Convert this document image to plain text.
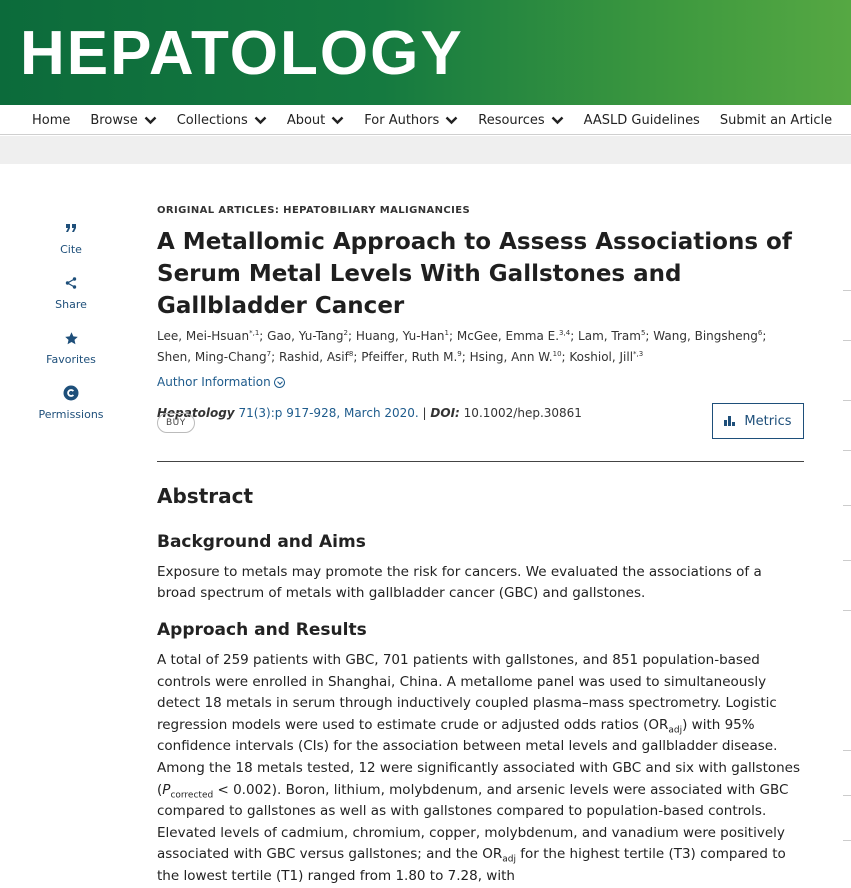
HEPATOLOGY
Home Browse	Collections	About	For Authors	Resources	AASLD Guidelines Submit an Article
Cite
Share
Favorites
Permissions
ORIGINAL ARTICLES: HEPATOBILIARY MALIGNANCIES
A Metallomic Approach to Assess Associations of Serum Metal Levels With Gallstones and Gallbladder Cancer
Lee, Mei-Hsuan$^{*,1}$; Gao, Yu-Tang$^2$; Huang, Yu-Han$^1$; McGee, Emma E.$^{3,4}$; Lam, Tram$^5$; Wang, Bingsheng$^6$; Shen, Ming-Chang$^7$; Rashid, Asif$^8$; Pfeiffer, Ruth M.$^9$; Hsing, Ann W.$^{10}$; Koshiol, Jill$^{*,3}$
Author Information
Hepatology 71(3):p 917-928, March 2020. | DOI: 10.1002/hep.30861
BUY	Metrics
Abstract
Background and Aims

Exposure to metals may promote the risk for cancers. We evaluated the associations of a broad spectrum of metals with gallbladder cancer (GBC) and gallstones.

Approach and Results

A total of 259 patients with GBC, 701 patients with gallstones, and 851 population-based controls were enrolled in Shanghai, China. A metallome panel was used to simultaneously detect 18 metals in serum through inductively coupled plasma–mass spectrometry. Logistic regression models were used to estimate crude or adjusted odds ratios $(OR_{adj})$ with 95% confidence intervals (CIs) for the association between metal levels and gallbladder disease. Among the 18 metals tested, 12 were significantly associated with GBC and six with gallstones $(P_{corrected} < 0.002)$. Boron, lithium, molybdenum, and arsenic levels were associated with GBC compared to gallstones as well as with gallstones compared to population-based controls. Elevated levels of cadmium, chromium, copper, molybdenum, and vanadium were positively associated with GBC versus gallstones; and the $OR_{adj}$ for the highest tertile (T3) compared to the lowest tertile (T1) ranged from 1.80 to 7.28, with
